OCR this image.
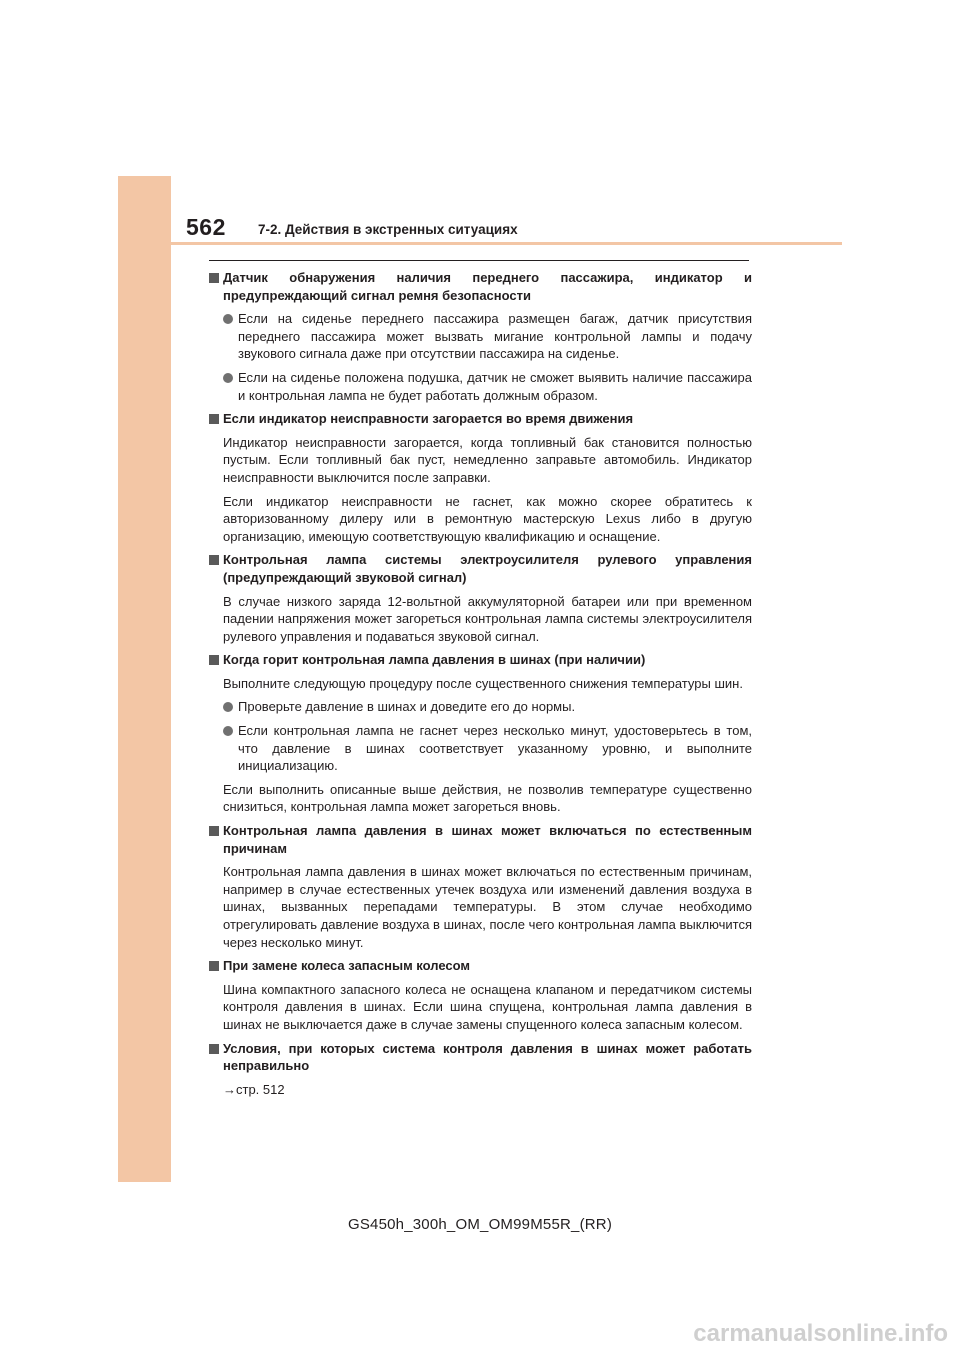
562 7-2. Действия в экстренных ситуациях
Датчик обнаружения наличия переднего пассажира, индикатор и предупреждающий сигнал ремня безопасности
Если на сиденье переднего пассажира размещен багаж, датчик присутствия переднего пассажира может вызвать мигание контрольной лампы и подачу звукового сигнала даже при отсутствии пассажира на сиденье.
Если на сиденье положена подушка, датчик не сможет выявить наличие пассажира и контрольная лампа не будет работать должным образом.
Если индикатор неисправности загорается во время движения
Индикатор неисправности загорается, когда топливный бак становится полностью пустым. Если топливный бак пуст, немедленно заправьте автомобиль. Индикатор неисправности выключится после заправки.
Если индикатор неисправности не гаснет, как можно скорее обратитесь к авторизованному дилеру или в ремонтную мастерскую Lexus либо в другую организацию, имеющую соответствующую квалификацию и оснащение.
Контрольная лампа системы электроусилителя рулевого управления (предупреждающий звуковой сигнал)
В случае низкого заряда 12-вольтной аккумуляторной батареи или при временном падении напряжения может загореться контрольная лампа системы электроусилителя рулевого управления и подаваться звуковой сигнал.
Когда горит контрольная лампа давления в шинах (при наличии)
Выполните следующую процедуру после существенного снижения температуры шин.
Проверьте давление в шинах и доведите его до нормы.
Если контрольная лампа не гаснет через несколько минут, удостоверьтесь в том, что давление в шинах соответствует указанному уровню, и выполните инициализацию.
Если выполнить описанные выше действия, не позволив температуре существенно снизиться, контрольная лампа может загореться вновь.
Контрольная лампа давления в шинах может включаться по естественным причинам
Контрольная лампа давления в шинах может включаться по естественным причинам, например в случае естественных утечек воздуха или изменений давления воздуха в шинах, вызванных перепадами температуры. В этом случае необходимо отрегулировать давление воздуха в шинах, после чего контрольная лампа выключится через несколько минут.
При замене колеса запасным колесом
Шина компактного запасного колеса не оснащена клапаном и передатчиком системы контроля давления в шинах. Если шина спущена, контрольная лампа давления в шинах не выключается даже в случае замены спущенного колеса запасным колесом.
Условия, при которых система контроля давления в шинах может работать неправильно
→стр. 512
GS450h_300h_OM_OM99M55R_(RR)
carmanualsonline.info
